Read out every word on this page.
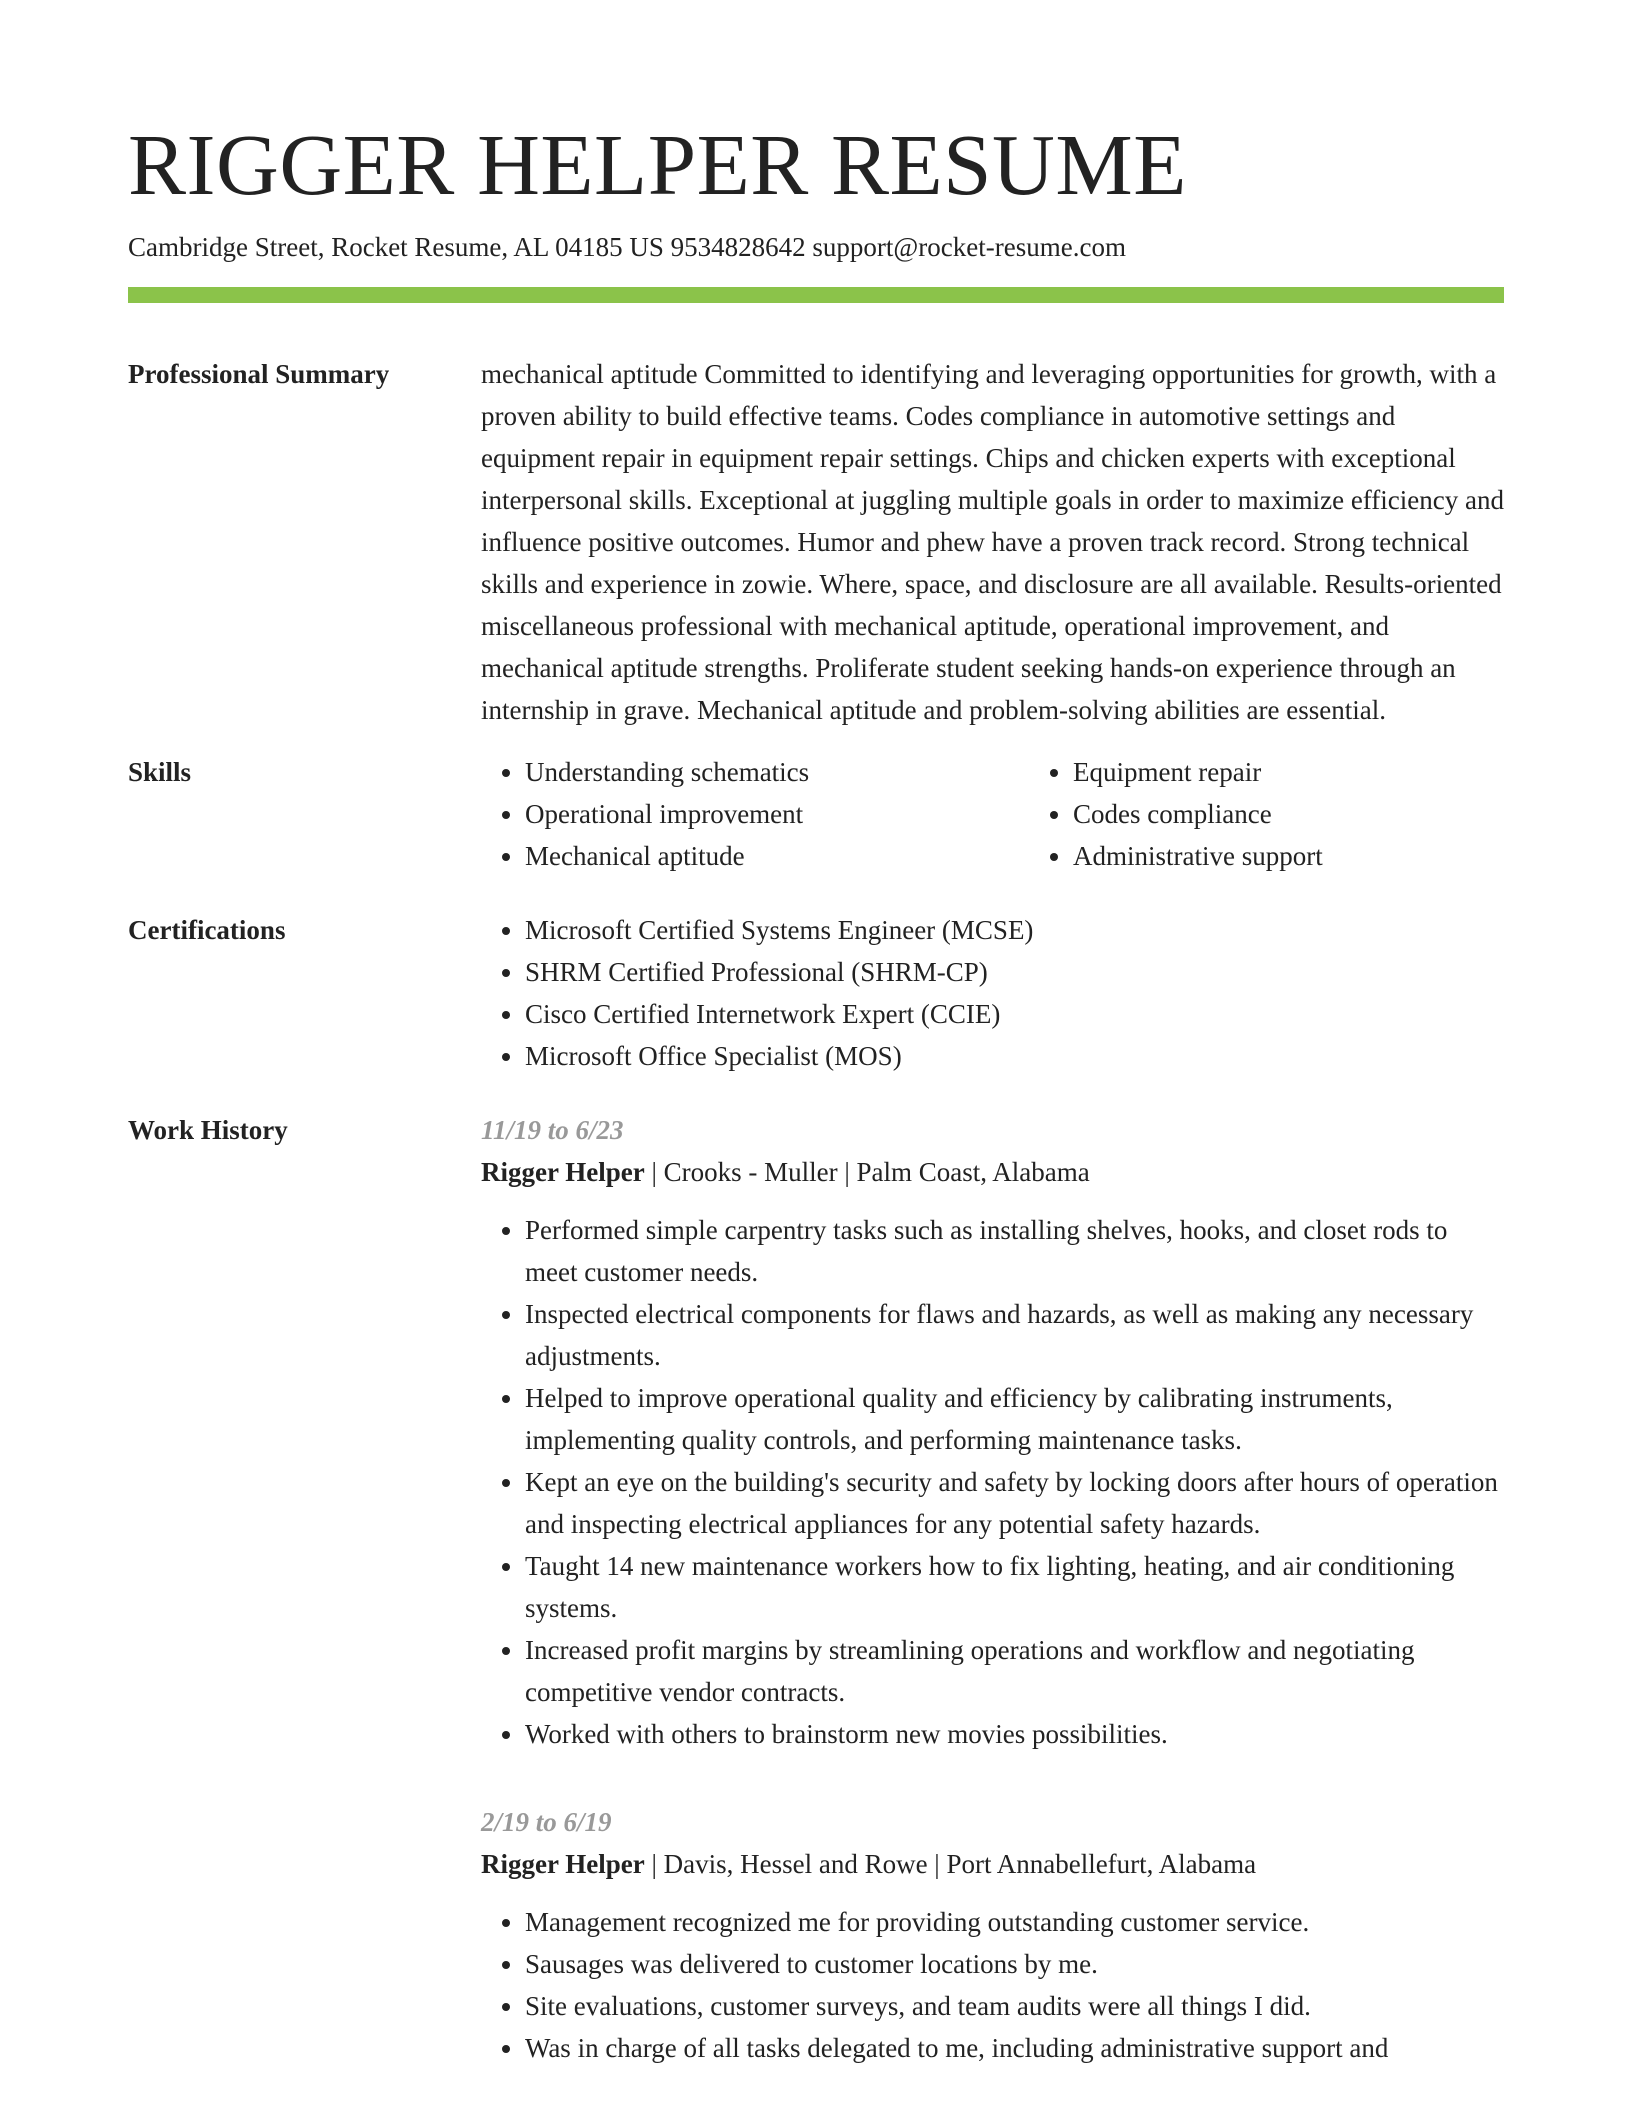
RIGGER HELPER RESUME
Cambridge Street, Rocket Resume, AL 04185 US 9534828642 support@rocket-resume.com
Professional Summary	mechanical aptitude Committed to identifying and leveraging opportunities for growth, with a proven ability to build effective teams. Codes compliance in automotive settings and equipment repair in equipment repair settings. Chips and chicken experts with exceptional interpersonal skills. Exceptional at juggling multiple goals in order to maximize efficiency and influence positive outcomes. Humor and phew have a proven track record. Strong technical skills and experience in zowie. Where, space, and disclosure are all available. Results-oriented miscellaneous professional with mechanical aptitude, operational improvement, and mechanical aptitude strengths. Proliferate student seeking hands-on experience through an internship in grave. Mechanical aptitude and problem-solving abilities are essential.

Skills	• Understanding schematics
• Operational improvement
• Mechanical aptitude
• Equipment repair
• Codes compliance
• Administrative support
Certifications	• Microsoft Certified Systems Engineer (MCSE)
• SHRM Certified Professional (SHRM-CP)
• Cisco Certified Internetwork Expert (CCIE)
• Microsoft Office Specialist (MOS)
Work History	11/19 to 6/23
Rigger Helper | Crooks - Muller | Palm Coast, Alabama
• Performed simple carpentry tasks such as installing shelves, hooks, and closet rods to meet customer needs.
• Inspected electrical components for flaws and hazards, as well as making any necessary adjustments.
• Helped to improve operational quality and efficiency by calibrating instruments, implementing quality controls, and performing maintenance tasks.
• Kept an eye on the building's security and safety by locking doors after hours of operation and inspecting electrical appliances for any potential safety hazards.
• Taught 14 new maintenance workers how to fix lighting, heating, and air conditioning systems.
• Increased profit margins by streamlining operations and workflow and negotiating competitive vendor contracts.
• Worked with others to brainstorm new movies possibilities.
2/19 to 6/19
Rigger Helper | Davis, Hessel and Rowe | Port Annabellefurt, Alabama
• Management recognized me for providing outstanding customer service.
• Sausages was delivered to customer locations by me.
• Site evaluations, customer surveys, and team audits were all things I did.
• Was in charge of all tasks delegated to me, including administrative support and
